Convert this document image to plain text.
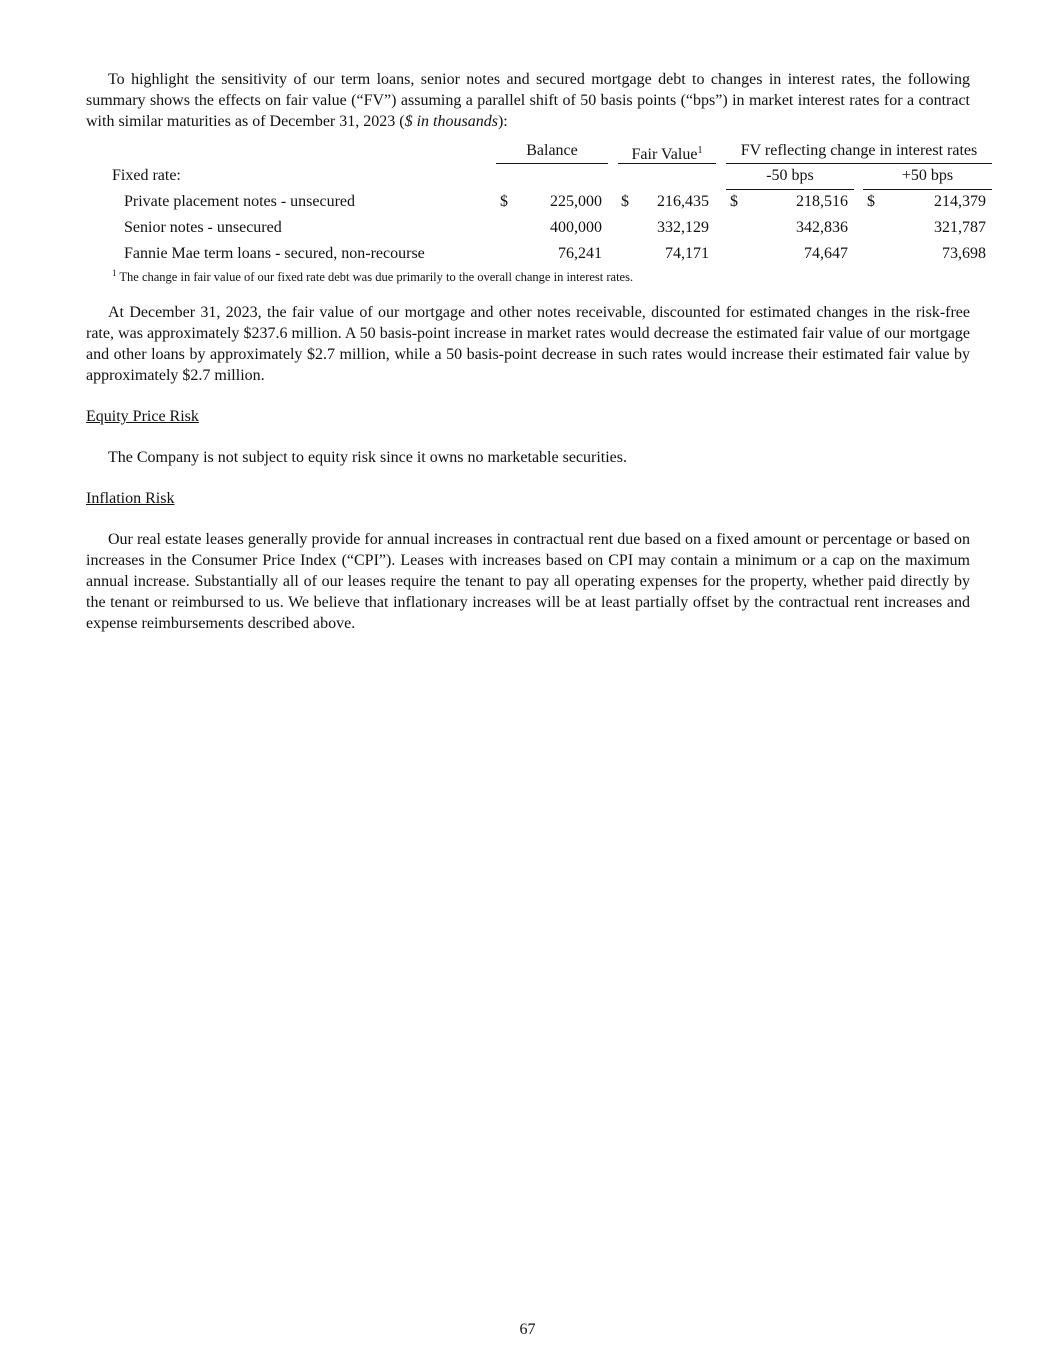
To highlight the sensitivity of our term loans, senior notes and secured mortgage debt to changes in interest rates, the following summary shows the effects on fair value (“FV”) assuming a parallel shift of 50 basis points (“bps”) in market interest rates for a contract with similar maturities as of December 31, 2023 ($ in thousands):

Balance	Fair Value$^1$	FV reflecting change in interest rates
Fixed rate:	-50 bps	+50 bps
Private placement notes - unsecured	$	225,000 $	216,435 $	218,516 $	214,379
Senior notes - unsecured	400,000	332,129	342,836	321,787
Fannie Mae term loans - secured, non-recourse	76,241	74,171	74,647	73,698
$^1$ The change in fair value of our fixed rate debt was due primarily to the overall change in interest rates.

At December 31, 2023, the fair value of our mortgage and other notes receivable, discounted for estimated changes in the risk-free rate, was approximately $237.6 million. A 50 basis-point increase in market rates would decrease the estimated fair value of our mortgage and other loans by approximately $2.7 million, while a 50 basis-point decrease in such rates would increase their estimated fair value by approximately $2.7 million.

Equity Price Risk

The Company is not subject to equity risk since it owns no marketable securities.

Inflation Risk

Our real estate leases generally provide for annual increases in contractual rent due based on a fixed amount or percentage or based on increases in the Consumer Price Index (“CPI”). Leases with increases based on CPI may contain a minimum or a cap on the maximum annual increase. Substantially all of our leases require the tenant to pay all operating expenses for the property, whether paid directly by the tenant or reimbursed to us. We believe that inflationary increases will be at least partially offset by the contractual rent increases and expense reimbursements described above.

67
